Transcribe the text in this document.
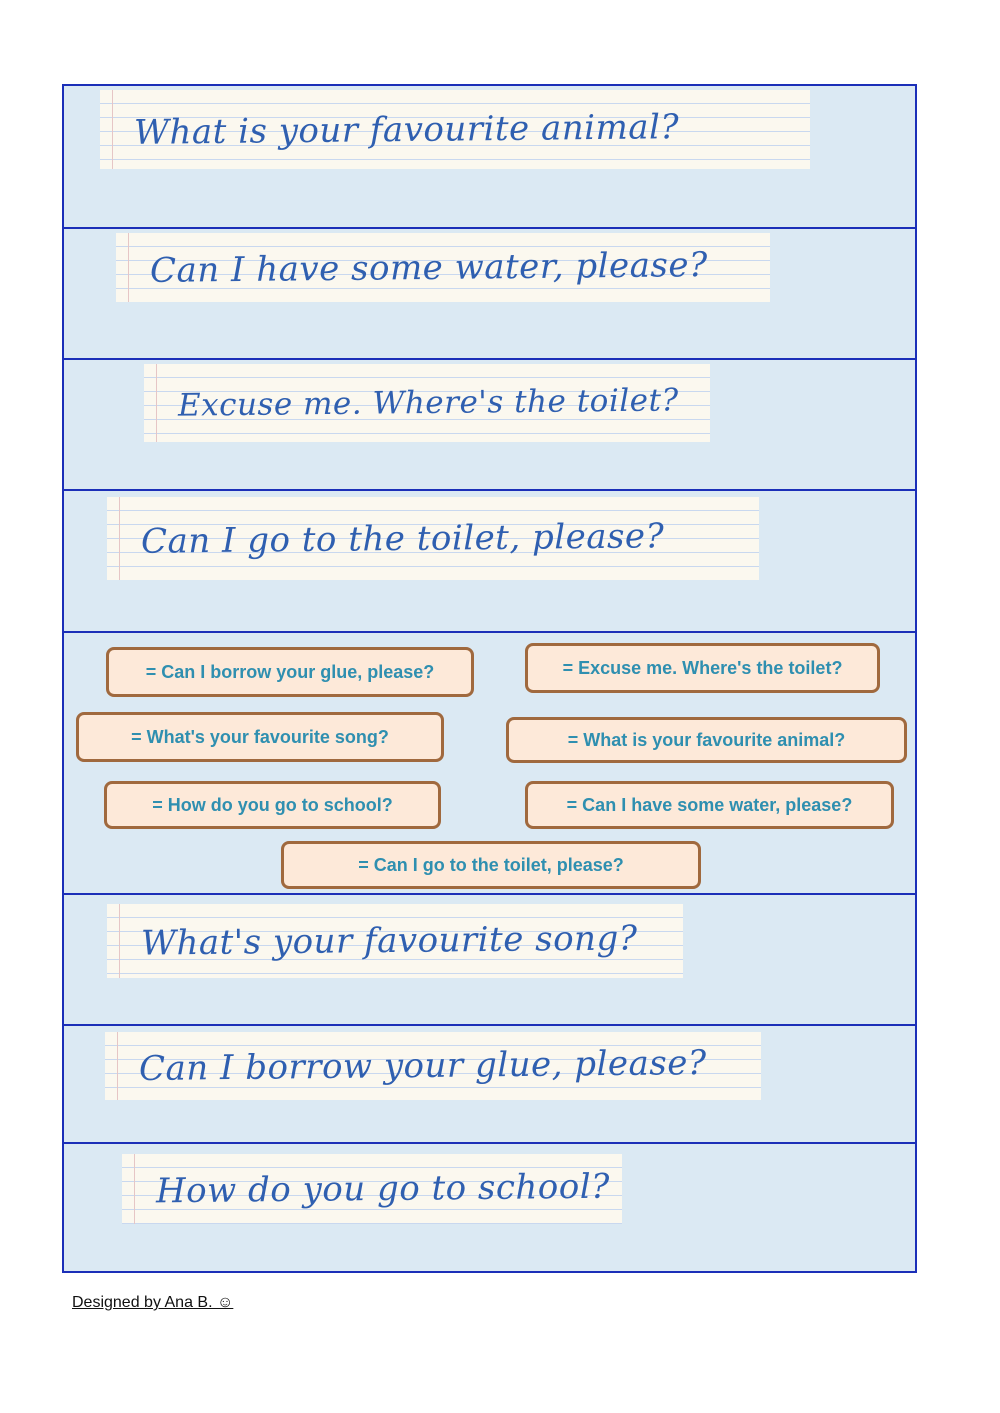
What is your favourite animal?
Can I have some water, please?
Excuse me. Where's the toilet?
Can I go to the toilet, please?
= Can I borrow your glue, please?	= Excuse me. Where's the toilet?
= What's your favourite song?	= What is your favourite animal?
= How do you go to school?	= Can I have some water, please?
= Can I go to the toilet, please?
What's your favourite song?
Can I borrow your glue, please?
How do you go to school?
Designed by Ana B. ☺
